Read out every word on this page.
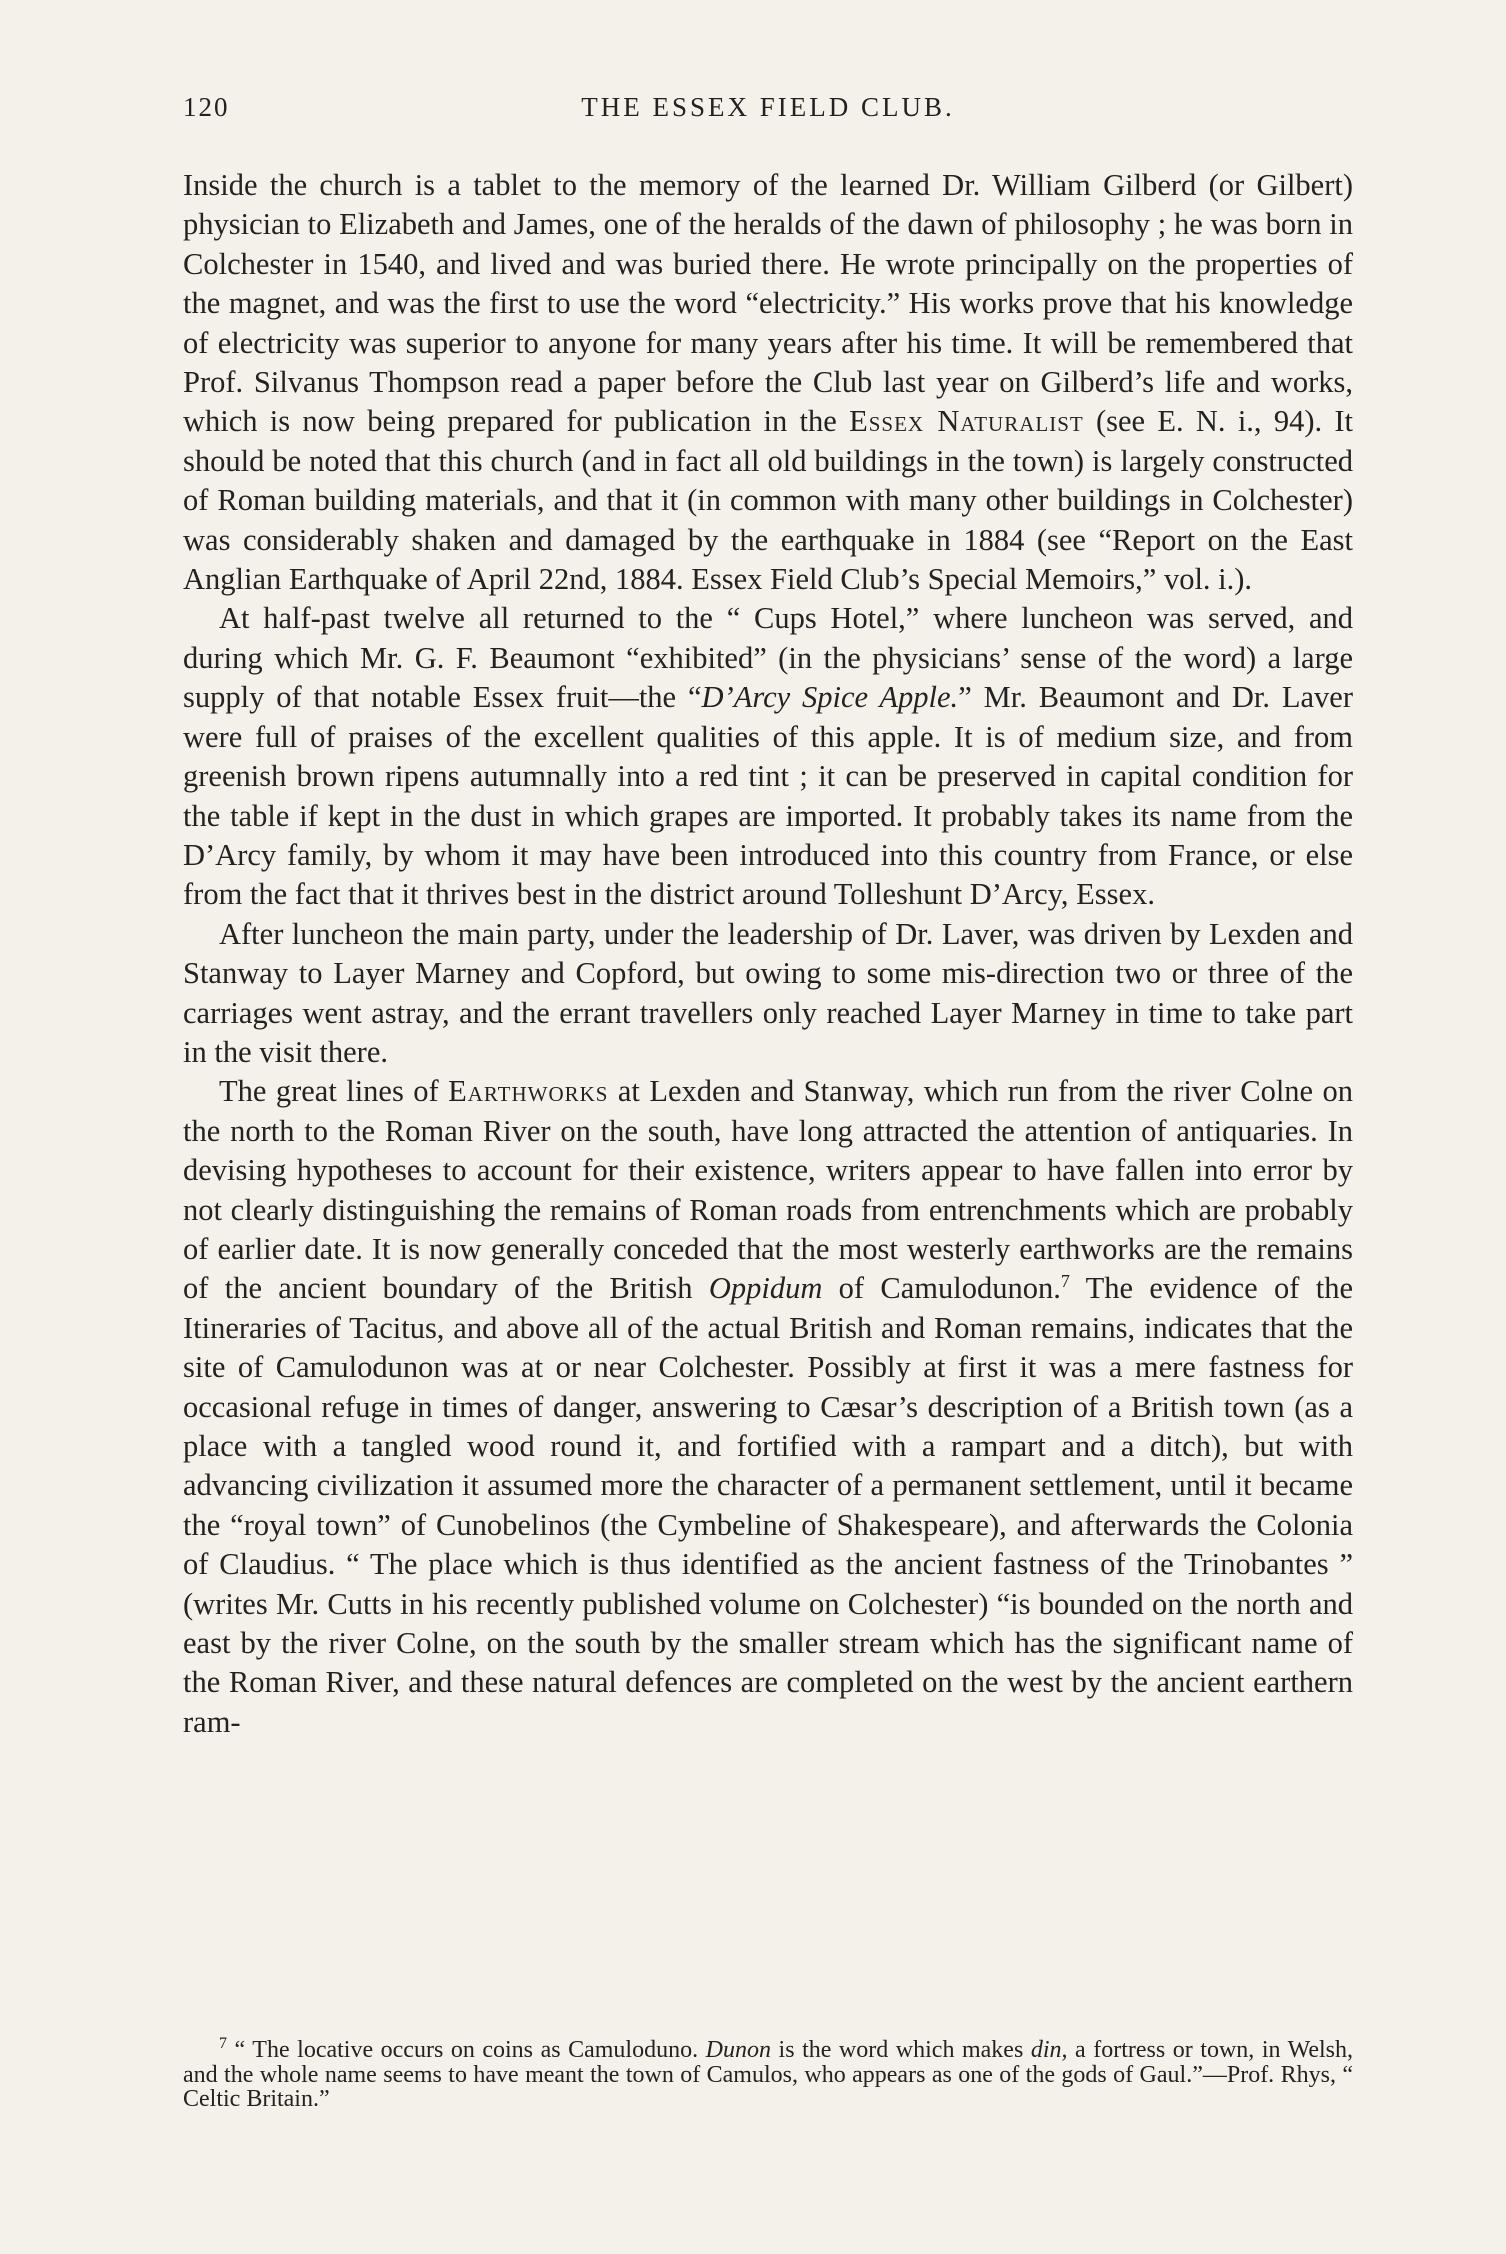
120	THE ESSEX FIELD CLUB.

Inside the church is a tablet to the memory of the learned Dr. William Gilberd (or Gilbert) physician to Elizabeth and James, one of the heralds of the dawn of philosophy ; he was born in Colchester in 1540, and lived and was buried there. He wrote principally on the properties of the magnet, and was the first to use the word “electricity.” His works prove that his knowledge of electricity was superior to anyone for many years after his time. It will be remembered that Prof. Silvanus Thompson read a paper before the Club last year on Gilberd’s life and works, which is now being prepared for publication in the Essex Naturalist (see E. N. i., 94). It should be noted that this church (and in fact all old buildings in the town) is largely constructed of Roman building materials, and that it (in common with many other buildings in Colchester) was considerably shaken and damaged by the earthquake in 1884 (see “Report on the East Anglian Earthquake of April 22nd, 1884. Essex Field Club’s Special Memoirs,” vol. i.).

At half-past twelve all returned to the “ Cups Hotel,” where luncheon was served, and during which Mr. G. F. Beaumont “exhibited” (in the physicians’ sense of the word) a large supply of that notable Essex fruit—the “D’Arcy Spice Apple.” Mr. Beaumont and Dr. Laver were full of praises of the excellent qualities of this apple. It is of medium size, and from greenish brown ripens autumnally into a red tint ; it can be preserved in capital condition for the table if kept in the dust in which grapes are imported. It probably takes its name from the D’Arcy family, by whom it may have been introduced into this country from France, or else from the fact that it thrives best in the district around Tolleshunt D’Arcy, Essex.

After luncheon the main party, under the leadership of Dr. Laver, was driven by Lexden and Stanway to Layer Marney and Copford, but owing to some mis-direction two or three of the carriages went astray, and the errant travellers only reached Layer Marney in time to take part in the visit there.

The great lines of Earthworks at Lexden and Stanway, which run from the river Colne on the north to the Roman River on the south, have long attracted the attention of antiquaries. In devising hypotheses to account for their existence, writers appear to have fallen into error by not clearly distinguishing the remains of Roman roads from entrenchments which are probably of earlier date. It is now generally conceded that the most westerly earthworks are the remains of the ancient boundary of the British Oppidum of Camulodunon.$^7$ The evidence of the Itineraries of Tacitus, and above all of the actual British and Roman remains, indicates that the site of Camulodunon was at or near Colchester. Possibly at first it was a mere fastness for occasional refuge in times of danger, answering to Cæsar’s description of a British town (as a place with a tangled wood round it, and fortified with a rampart and a ditch), but with advancing civilization it assumed more the character of a permanent settlement, until it became the “royal town” of Cunobelinos (the Cymbeline of Shakespeare), and afterwards the Colonia of Claudius. “ The place which is thus identified as the ancient fastness of the Trinobantes ” (writes Mr. Cutts in his recently published volume on Colchester) “is bounded on the north and east by the river Colne, on the south by the smaller stream which has the significant name of the Roman River, and these natural defences are completed on the west by the ancient earthern ram-

$^7$ “ The locative occurs on coins as Camuloduno. Dunon is the word which makes din, a fortress or town, in Welsh, and the whole name seems to have meant the town of Camulos, who appears as one of the gods of Gaul.”—Prof. Rhys, “ Celtic Britain.”
